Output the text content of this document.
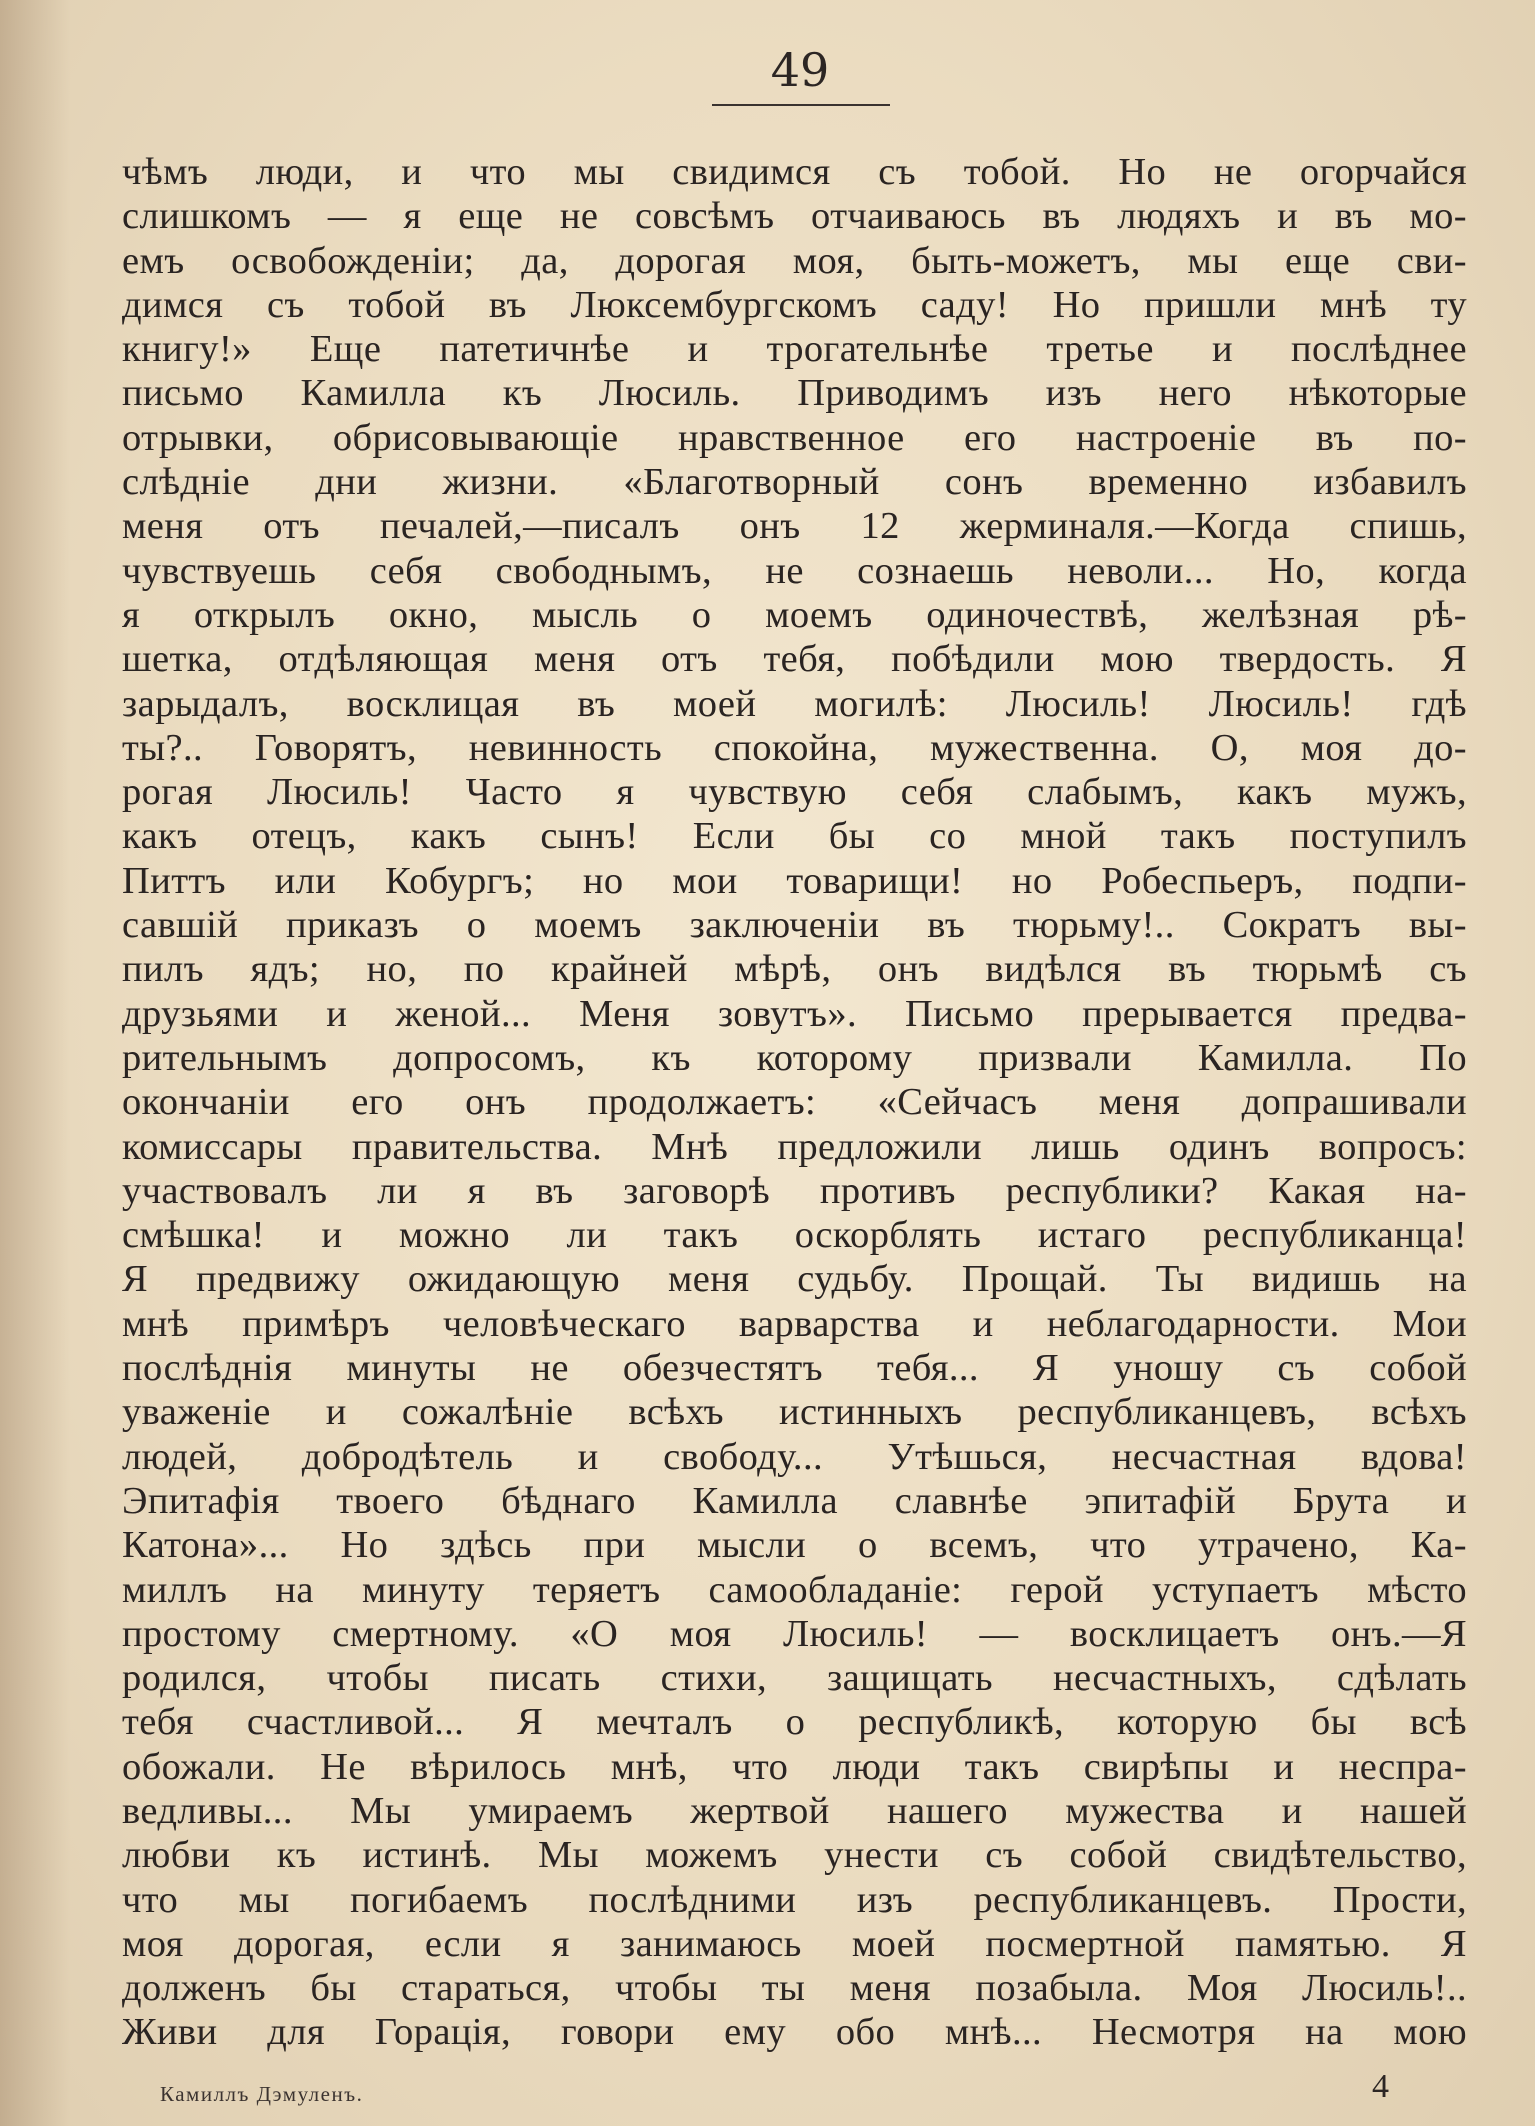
49
чѣмъ люди, и что мы свидимся съ тобой. Но не огорчайся
слишкомъ — я еще не совсѣмъ отчаиваюсь въ людяхъ и въ мо-
емъ освобожденіи; да, дорогая моя, быть-можетъ, мы еще сви-
димся съ тобой въ Люксембургскомъ саду! Но пришли мнѣ ту
книгу!» Еще патетичнѣе и трогательнѣе третье и послѣднее
письмо Камилла къ Люсиль. Приводимъ изъ него нѣкоторые
отрывки, обрисовывающіе нравственное его настроеніе въ по-
слѣдніе дни жизни. «Благотворный сонъ временно избавилъ
меня отъ печалей,—писалъ онъ 12 жерминаля.—Когда спишь,
чувствуешь себя свободнымъ, не сознаешь неволи... Но, когда
я открылъ окно, мысль о моемъ одиночествѣ, желѣзная рѣ-
шетка, отдѣляющая меня отъ тебя, побѣдили мою твердость. Я
зарыдалъ, восклицая въ моей могилѣ: Люсиль! Люсиль! гдѣ
ты?.. Говорятъ, невинность спокойна, мужественна. О, моя до-
рогая Люсиль! Часто я чувствую себя слабымъ, какъ мужъ,
какъ отецъ, какъ сынъ! Если бы со мной такъ поступилъ
Питтъ или Кобургъ; но мои товарищи! но Робеспьеръ, подпи-
савшій приказъ о моемъ заключеніи въ тюрьму!.. Сократъ вы-
пилъ ядъ; но, по крайней мѣрѣ, онъ видѣлся въ тюрьмѣ съ
друзьями и женой... Меня зовутъ». Письмо прерывается предва-
рительнымъ допросомъ, къ которому призвали Камилла. По
окончаніи его онъ продолжаетъ: «Сейчасъ меня допрашивали
комиссары правительства. Мнѣ предложили лишь одинъ вопросъ:
участвовалъ ли я въ заговорѣ противъ республики? Какая на-
смѣшка! и можно ли такъ оскорблять истаго республиканца!
Я предвижу ожидающую меня судьбу. Прощай. Ты видишь на
мнѣ примѣръ человѣческаго варварства и неблагодарности. Мои
послѣднія минуты не обезчестятъ тебя... Я уношу съ собой
уваженіе и сожалѣніе всѣхъ истинныхъ республиканцевъ, всѣхъ
людей, добродѣтель и свободу... Утѣшься, несчастная вдова!
Эпитафія твоего бѣднаго Камилла славнѣе эпитафій Брута и
Катона»... Но здѣсь при мысли о всемъ, что утрачено, Ка-
миллъ на минуту теряетъ самообладаніе: герой уступаетъ мѣсто
простому смертному. «О моя Люсиль! — восклицаетъ онъ.—Я
родился, чтобы писать стихи, защищать несчастныхъ, сдѣлать
тебя счастливой... Я мечталъ о республикѣ, которую бы всѣ
обожали. Не вѣрилось мнѣ, что люди такъ свирѣпы и неспра-
ведливы... Мы умираемъ жертвой нашего мужества и нашей
любви къ истинѣ. Мы можемъ унести съ собой свидѣтельство,
что мы погибаемъ послѣдними изъ республиканцевъ. Прости,
моя дорогая, если я занимаюсь моей посмертной памятью. Я
долженъ бы стараться, чтобы ты меня позабыла. Моя Люсиль!..
Живи для Горація, говори ему обо мнѣ... Несмотря на мою
Камиллъ Дэмуленъ.	4
